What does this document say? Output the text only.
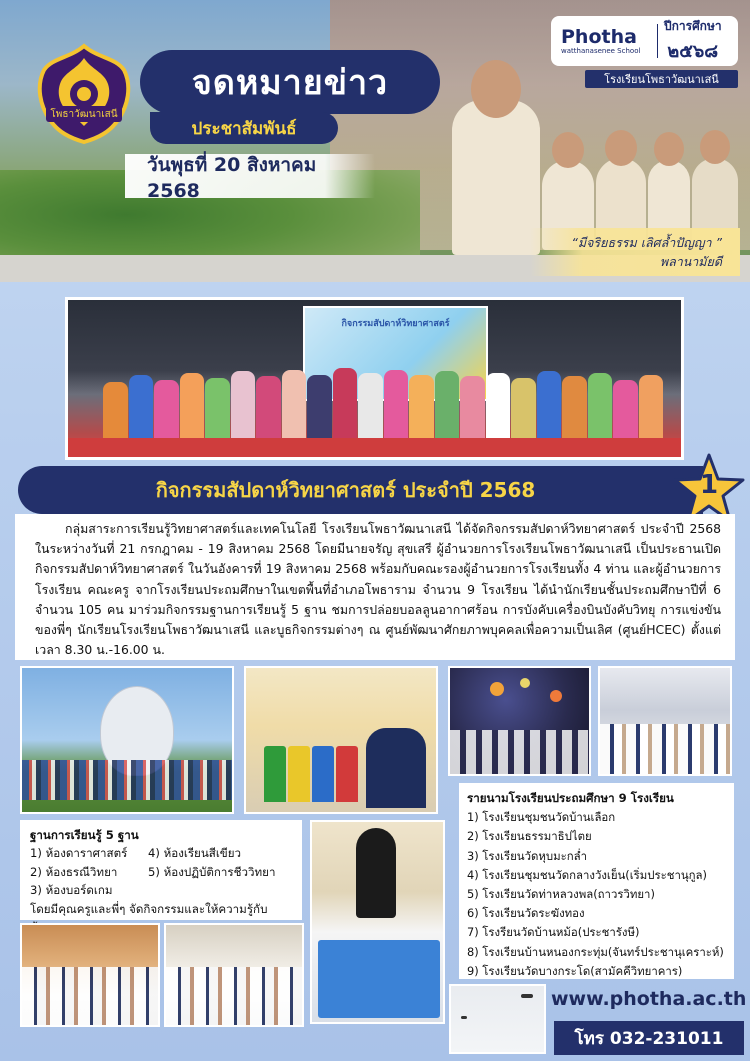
โพธาวัฒนาเสนี
จดหมายข่าว
ประชาสัมพันธ์
วันพุธที่ 20 สิงหาคม 2568
Photha
watthanasenee School
ปีการศึกษา
๒๕๖๘
โรงเรียนโพธาวัฒนาเสนี
“มีจริยธรรม เลิศล้ำปัญญา ”
พลานามัยดี
กิจกรรมสัปดาห์วิทยาศาสตร์
กิจกรรมสัปดาห์วิทยาศาสตร์ ประจำปี 2568	1

กลุ่มสาระการเรียนรู้วิทยาศาสตร์และเทคโนโลยี โรงเรียนโพธาวัฒนาเสนี ได้จัดกิจกรรมสัปดาห์วิทยาศาสตร์ ประจำปี 2568 ในระหว่างวันที่ 21 กรกฎาคม - 19 สิงหาคม 2568 โดยมีนายจรัญ สุขเสรี ผู้อำนวยการโรงเรียนโพธาวัฒนาเสนี เป็นประธานเปิดกิจกรรมสัปดาห์วิทยาศาสตร์ ในวันอังคารที่ 19 สิงหาคม 2568 พร้อมกับคณะรองผู้อำนวยการโรงเรียนทั้ง 4 ท่าน และผู้อำนวยการโรงเรียน คณะครู จากโรงเรียนประถมศึกษาในเขตพื้นที่อำเภอโพธาราม จำนวน 9 โรงเรียน ได้นำนักเรียนชั้นประถมศึกษาปีที่ 6 จำนวน 105 คน มาร่วมกิจกรรมฐานการเรียนรู้ 5 ฐาน ชมการปล่อยบอลลูนอากาศร้อน การบังคับเครื่องบินบังคับวิทยุ การแข่งขันของพี่ๆ นักเรียนโรงเรียนโพธาวัฒนาเสนี และบูธกิจกรรมต่างๆ ณ ศูนย์พัฒนาศักยภาพบุคคลเพื่อความเป็นเลิศ (ศูนย์HCEC) ตั้งแต่เวลา 8.30 น.-16.00 น.

ฐานการเรียนรู้ 5 ฐาน
1) ห้องดาราศาสตร์	4) ห้องเรียนสีเขียว
2) ห้องธรณีวิทยา	5) ห้องปฏิบัติการชีววิทยา
3) ห้องบอร์ดเกม
โดยมีคุณครูและพี่ๆ จัดกิจกรรมและให้ความรู้กับ
รายนามโรงเรียนประถมศึกษา 9 โรงเรียน
1) โรงเรียนชุมชนวัดบ้านเลือก
2) โรงเรียนธรรมาธิปไตย
3) โรงเรียนวัดหุบมะกล่ำ
4) โรงเรียนชุมชนวัดกลางวังเย็น(เริ่มประชานุกูล)
5) โรงเรียนวัดท่าหลวงพล(ถาวรวิทยา)
6) โรงเรียนวัดระฆังทอง
7) โรงรียนวัดบ้านหม้อ(ประชารังษี)
8) โรงเรียนบ้านหนองกระทุ่ม(จันทร์ประชานุเคราะห์)
9) โรงเรียนวัดบางกระโด(สามัคคีวิทยาคาร)
www.photha.ac.th
โทร 032-231011
